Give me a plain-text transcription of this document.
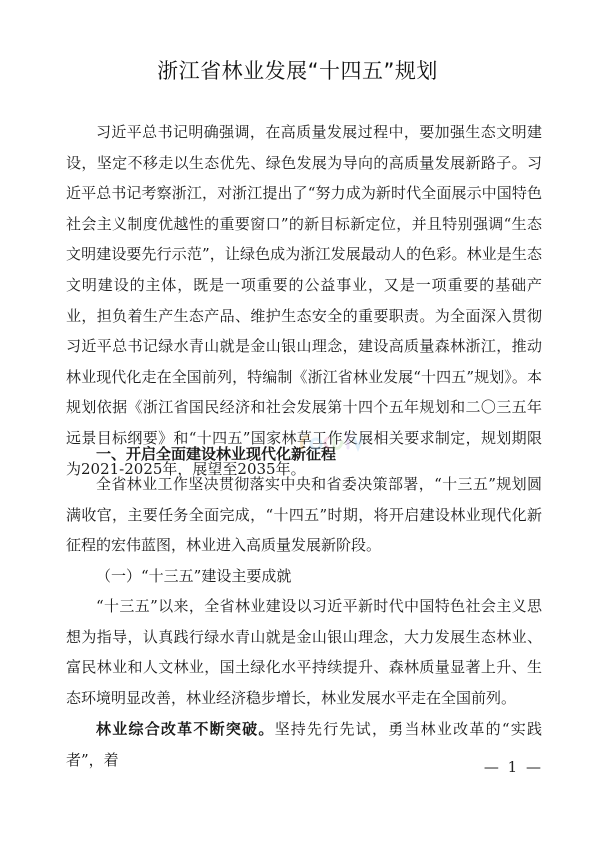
浙江省林业发展“十四五”规划

习近平总书记明确强调，在高质量发展过程中，要加强生态文明建设，坚定不移走以生态优先、绿色发展为导向的高质量发展新路子。习近平总书记考察浙江，对浙江提出了“努力成为新时代全面展示中国特色社会主义制度优越性的重要窗口”的新目标新定位，并且特别强调“生态文明建设要先行示范”，让绿色成为浙江发展最动人的色彩。林业是生态文明建设的主体，既是一项重要的公益事业，又是一项重要的基础产业，担负着生产生态产品、维护生态安全的重要职责。为全面深入贯彻习近平总书记绿水青山就是金山银山理念，建设高质量森林浙江，推动林业现代化走在全国前列，特编制《浙江省林业发展“十四五”规划》。本规划依据《浙江省国民经济和社会发展第十四个五年规划和二〇三五年远景目标纲要》和“十四五”国家林草工作发展相关要求制定，规划期限为2021-2025年，展望至2035年。

一、开启全面建设林业现代化新征程

全省林业工作坚决贯彻落实中央和省委决策部署，“十三五”规划圆满收官，主要任务全面完成，“十四五”时期，将开启建设林业现代化新征程的宏伟蓝图，林业进入高质量发展新阶段。

（一）“十三五”建设主要成就

“十三五”以来，全省林业建设以习近平新时代中国特色社会主义思想为指导，认真践行绿水青山就是金山银山理念，大力发展生态林业、富民林业和人文林业，国土绿化水平持续提升、森林质量显著上升、生态环境明显改善，林业经济稳步增长，林业发展水平走在全国前列。

林业综合改革不断突破。坚持先行先试，勇当林业改革的“实践者”，着	— 1 —
